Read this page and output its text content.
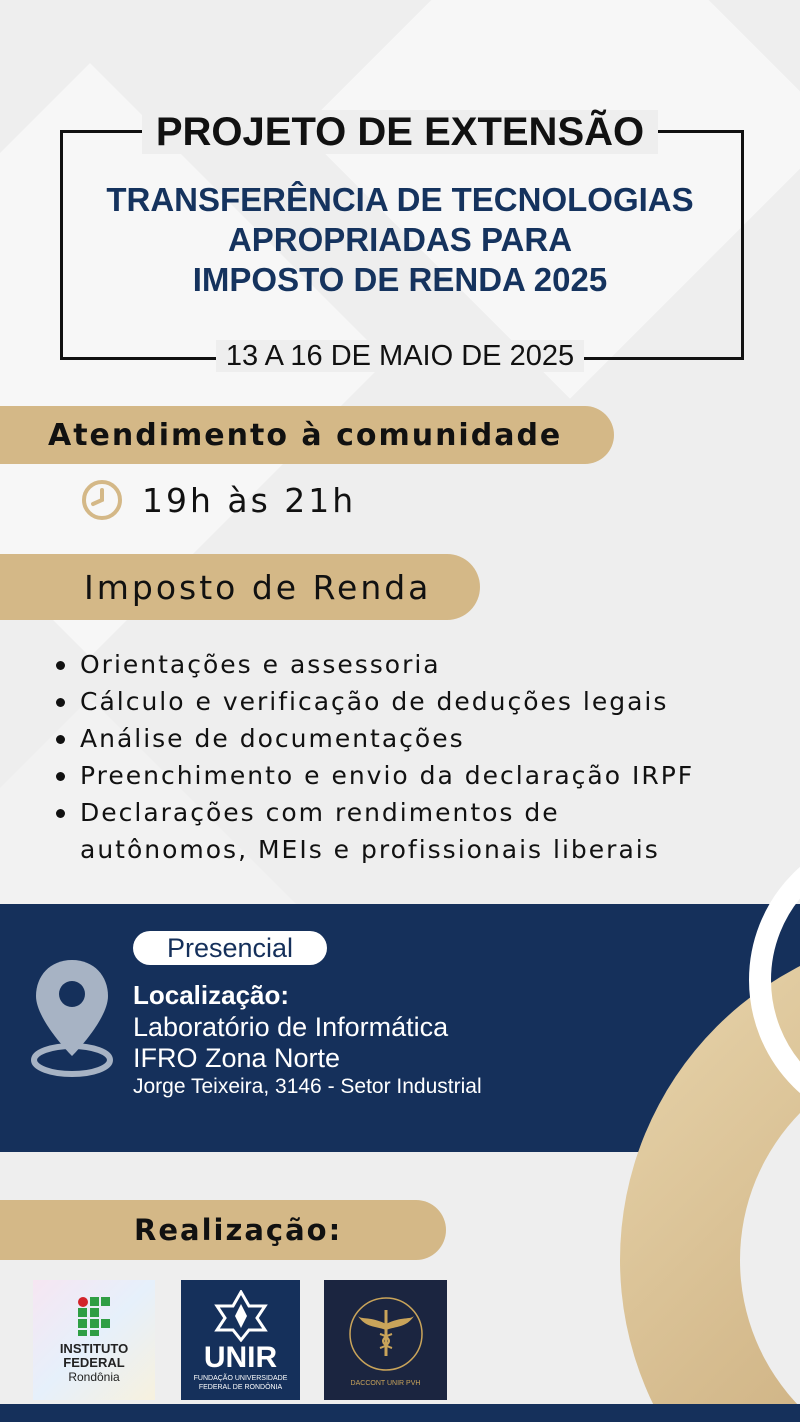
PROJETO DE EXTENSÃO
TRANSFERÊNCIA DE TECNOLOGIAS
APROPRIADAS PARA
IMPOSTO DE RENDA 2025
13 A 16 DE MAIO DE 2025
Atendimento à comunidade
19h às 21h
Imposto de Renda
Orientações e assessoria
Cálculo e verificação de deduções legais
Análise de documentações
Preenchimento e envio da declaração IRPF
Declarações com rendimentos de
autônomos, MEIs e profissionais liberais
Presencial
Localização:
Laboratório de Informática
IFRO Zona Norte
Jorge Teixeira, 3146 - Setor Industrial
Realização:
INSTITUTO
FEDERAL
Rondônia
UNIR
FUNDAÇÃO UNIVERSIDADE
FEDERAL DE RONDÔNIA
DACCONT UNIR PVH
